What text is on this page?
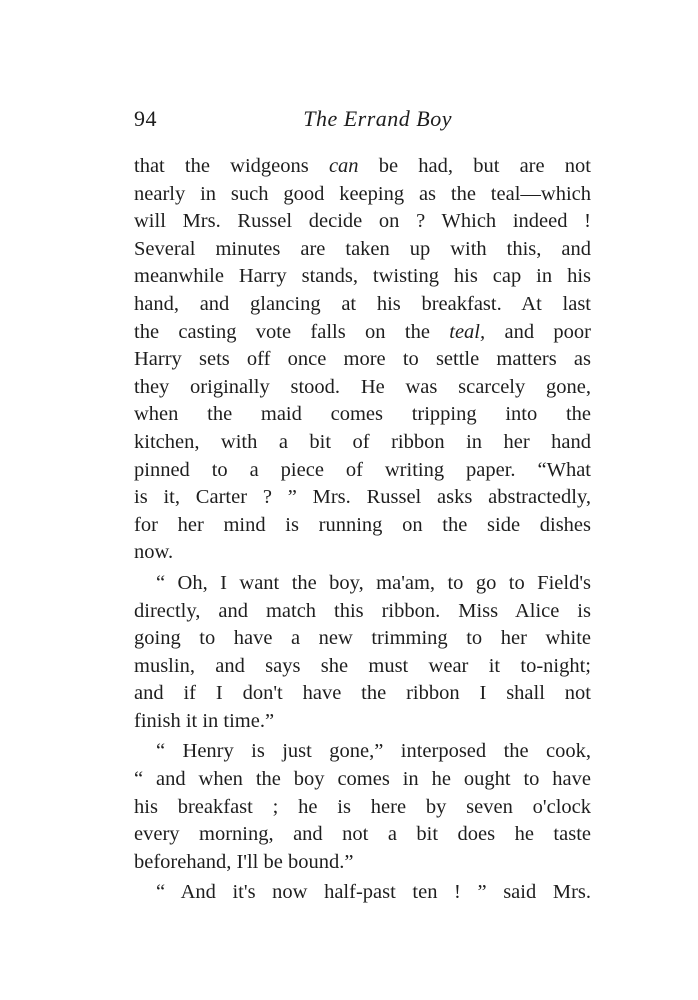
94	The Errand Boy
that the widgeons can be had, but are not
nearly in such good keeping as the teal—which
will Mrs. Russel decide on ? Which indeed !
Several minutes are taken up with this, and
meanwhile Harry stands, twisting his cap in his
hand, and glancing at his breakfast. At last
the casting vote falls on the teal, and poor
Harry sets off once more to settle matters as
they originally stood. He was scarcely gone,
when the maid comes tripping into the
kitchen, with a bit of ribbon in her hand
pinned to a piece of writing paper. “What
is it, Carter ? ” Mrs. Russel asks abstractedly,
for her mind is running on the side dishes
now.
“ Oh, I want the boy, ma'am, to go to Field's
directly, and match this ribbon. Miss Alice is
going to have a new trimming to her white
muslin, and says she must wear it to-night;
and if I don't have the ribbon I shall not
finish it in time.”
“ Henry is just gone,” interposed the cook,
“ and when the boy comes in he ought to have
his breakfast ; he is here by seven o'clock
every morning, and not a bit does he taste
beforehand, I'll be bound.”
“ And it's now half-past ten ! ” said Mrs.
